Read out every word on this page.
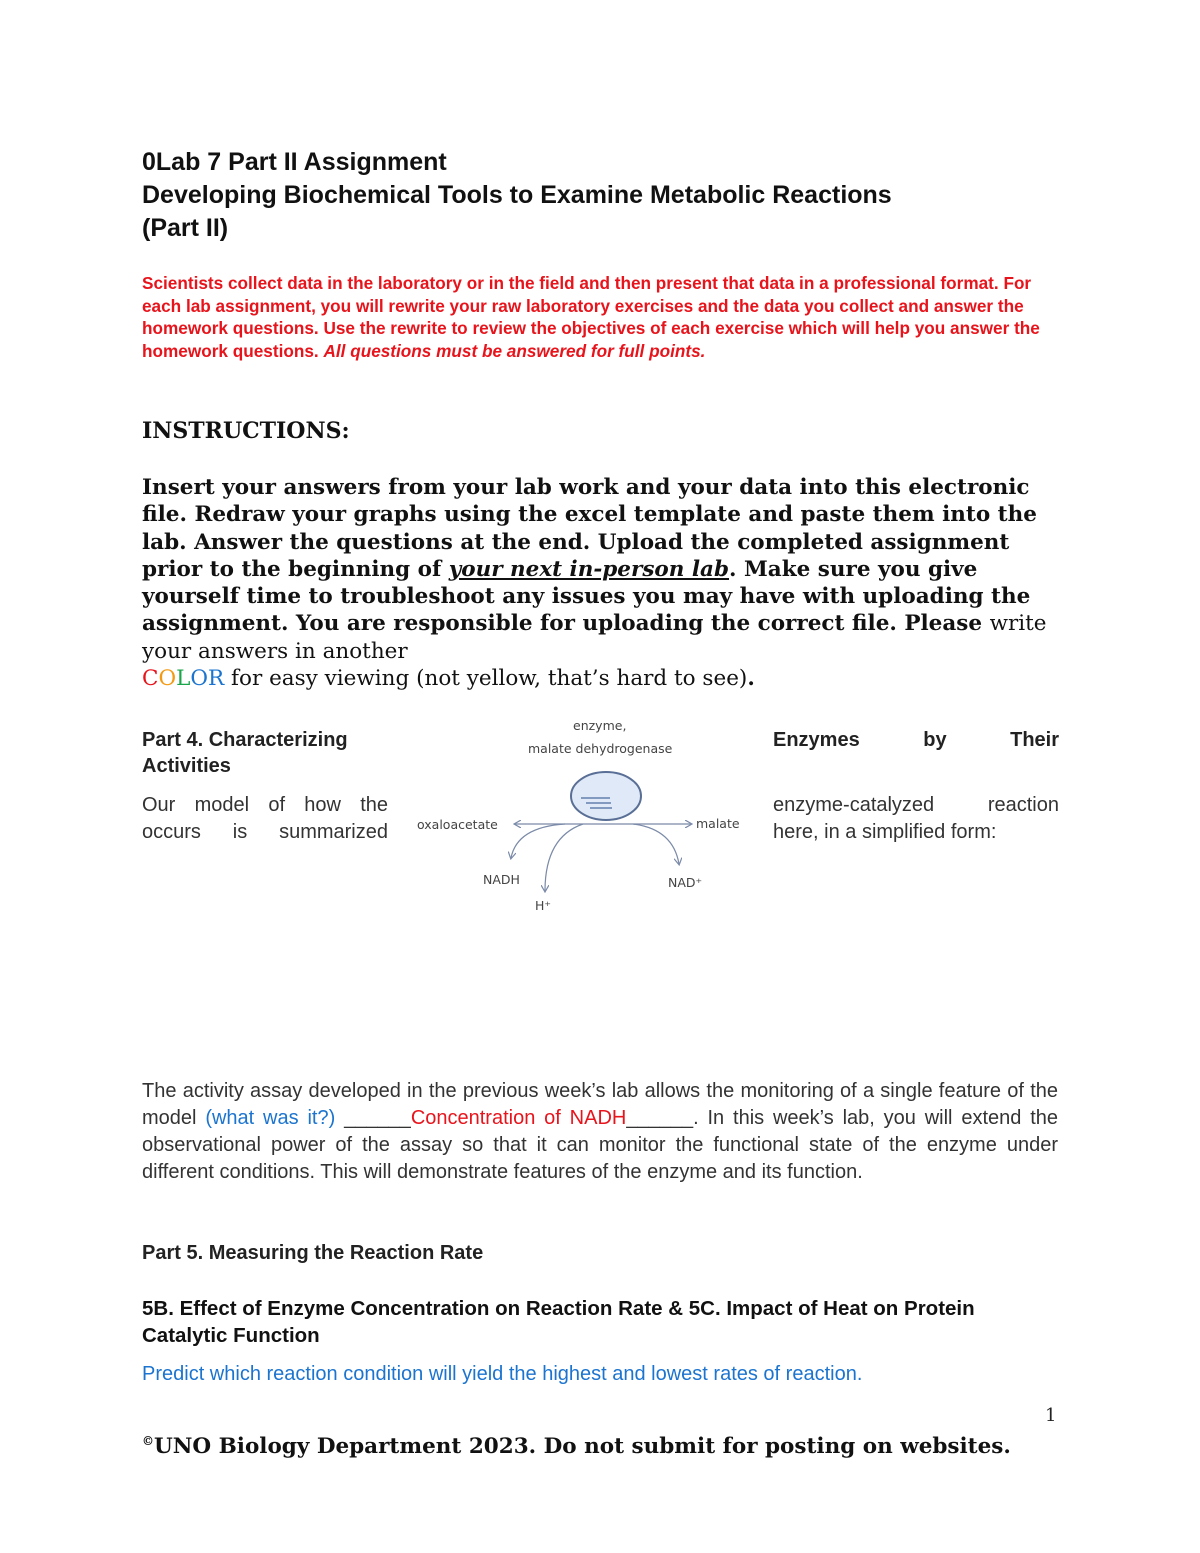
0Lab 7 Part II Assignment
Developing Biochemical Tools to Examine Metabolic Reactions
(Part II)
Scientists collect data in the laboratory or in the field and then present that data in a professional format. For each lab assignment, you will rewrite your raw laboratory exercises and the data you collect and answer the homework questions. Use the rewrite to review the objectives of each exercise which will help you answer the homework questions. All questions must be answered for full points.
INSTRUCTIONS:
Insert your answers from your lab work and your data into this electronic file. Redraw your graphs using the excel template and paste them into the lab. Answer the questions at the end. Upload the completed assignment prior to the beginning of your next in-person lab. Make sure you give yourself time to troubleshoot any issues you may have with uploading the assignment. You are responsible for uploading the correct file. Please write your answers in another
COLOR for easy viewing (not yellow, that’s hard to see).
Part 4. Characterizing Activities
Enzymes by Their
Our model of how the occurs is summarized
enzyme-catalyzed reaction
here, in a simplified form:
enzyme,
malate dehydrogenase
oxaloacetate	malate
NADH
H⁺
NAD⁺
The activity assay developed in the previous week’s lab allows the monitoring of a single feature of the model (what was it?) ______Concentration of NADH______. In this week’s lab, you will extend the observational power of the assay so that it can monitor the functional state of the enzyme under different conditions. This will demonstrate features of the enzyme and its function.
Part 5. Measuring the Reaction Rate
5B. Effect of Enzyme Concentration on Reaction Rate & 5C. Impact of Heat on Protein Catalytic Function
Predict which reaction condition will yield the highest and lowest rates of reaction.
1
©UNO Biology Department 2023. Do not submit for posting on websites.
